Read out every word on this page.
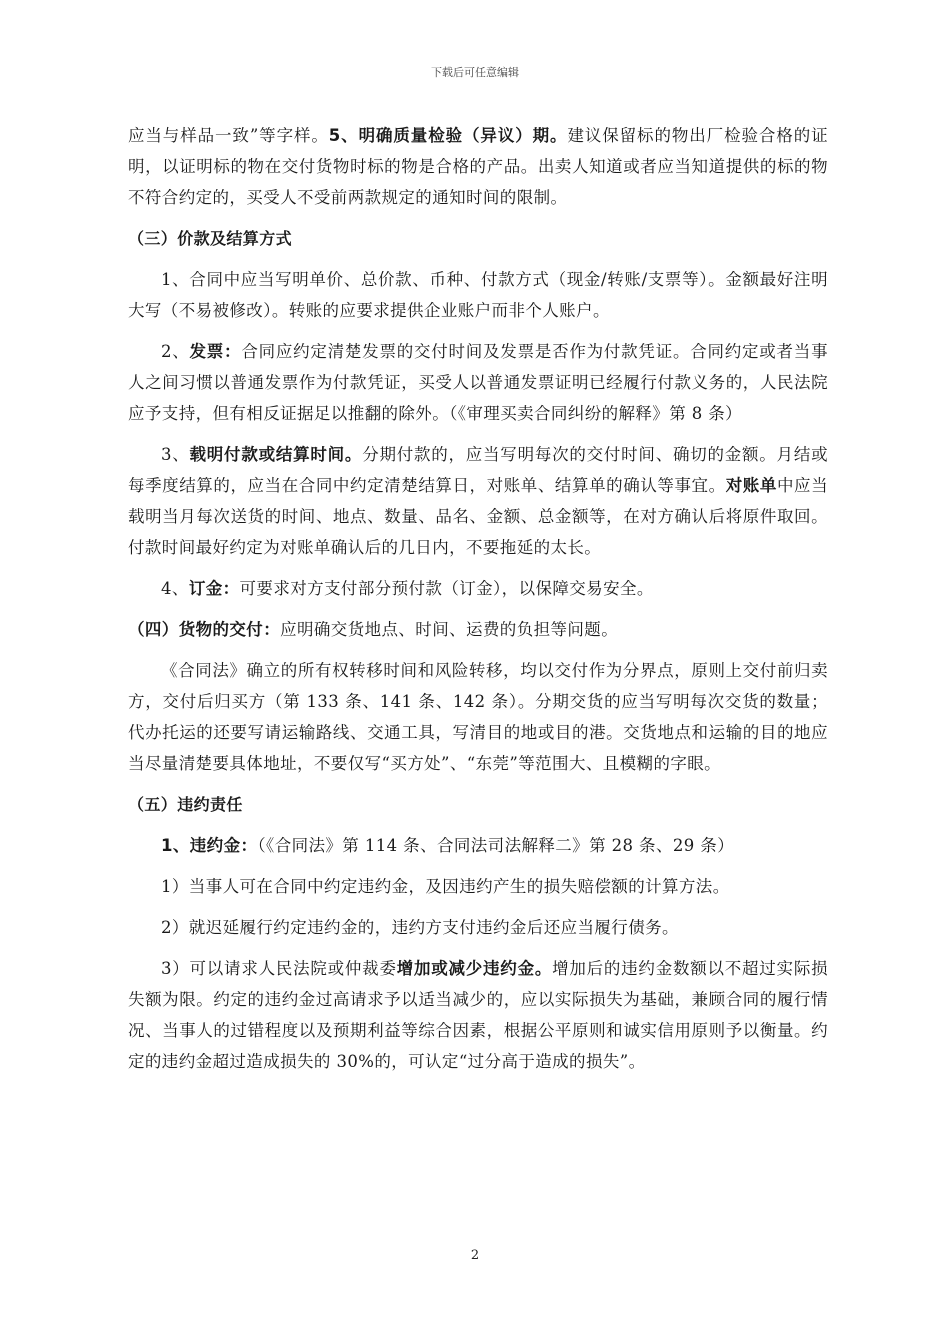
下载后可任意编辑

应当与样品一致”等字样。5、明确质量检验（异议）期。建议保留标的物出厂检验合格的证明，以证明标的物在交付货物时标的物是合格的产品。出卖人知道或者应当知道提供的标的物不符合约定的，买受人不受前两款规定的通知时间的限制。

（三）价款及结算方式

1、合同中应当写明单价、总价款、币种、付款方式（现金/转账/支票等）。金额最好注明大写（不易被修改）。转账的应要求提供企业账户而非个人账户。

2、发票：合同应约定清楚发票的交付时间及发票是否作为付款凭证。合同约定或者当事人之间习惯以普通发票作为付款凭证，买受人以普通发票证明已经履行付款义务的，人民法院应予支持，但有相反证据足以推翻的除外。（《审理买卖合同纠纷的解释》第 8 条）

3、载明付款或结算时间。分期付款的，应当写明每次的交付时间、确切的金额。月结或每季度结算的，应当在合同中约定清楚结算日，对账单、结算单的确认等事宜。对账单中应当载明当月每次送货的时间、地点、数量、品名、金额、总金额等，在对方确认后将原件取回。付款时间最好约定为对账单确认后的几日内，不要拖延的太长。

4、订金：可要求对方支付部分预付款（订金），以保障交易安全。

（四）货物的交付：应明确交货地点、时间、运费的负担等问题。

《合同法》确立的所有权转移时间和风险转移，均以交付作为分界点，原则上交付前归卖方，交付后归买方（第 133 条、141 条、142 条）。分期交货的应当写明每次交货的数量；代办托运的还要写请运输路线、交通工具，写清目的地或目的港。交货地点和运输的目的地应当尽量清楚要具体地址，不要仅写“买方处”、“东莞”等范围大、且模糊的字眼。

（五）违约责任

1、违约金：（《合同法》第 114 条、合同法司法解释二》第 28 条、29 条）

1）当事人可在合同中约定违约金，及因违约产生的损失赔偿额的计算方法。

2）就迟延履行约定违约金的，违约方支付违约金后还应当履行债务。

3）可以请求人民法院或仲裁委增加或减少违约金。增加后的违约金数额以不超过实际损失额为限。约定的违约金过高请求予以适当减少的，应以实际损失为基础，兼顾合同的履行情况、当事人的过错程度以及预期利益等综合因素，根据公平原则和诚实信用原则予以衡量。约定的违约金超过造成损失的 30%的，可认定“过分高于造成的损失”。

2
